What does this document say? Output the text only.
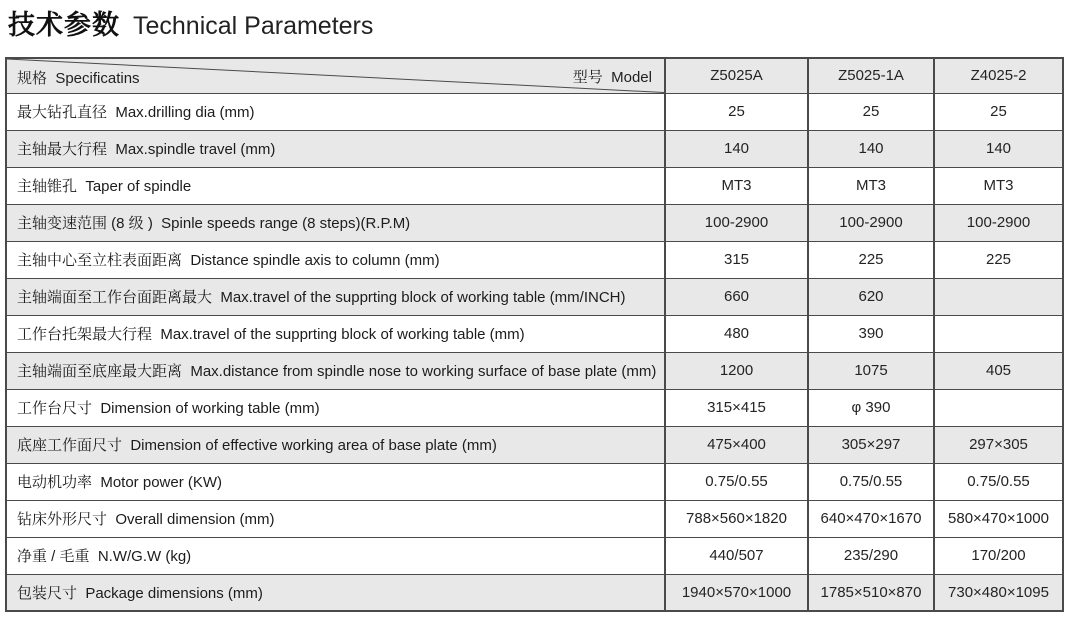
技术参数 Technical Parameters
规格  Specificatins 型号  Model	Z5025A	Z5025-1A	Z4025-2
最大钻孔直径  Max.drilling dia (mm)	25	25	25
主轴最大行程  Max.spindle travel (mm)	140	140	140
主轴锥孔  Taper of spindle	MT3	MT3	MT3
主轴变速范围 (8 级 )  Spinle speeds range (8 steps)(R.P.M)	100-2900	100-2900	100-2900
主轴中心至立柱表面距离  Distance spindle axis to column (mm)	315	225	225
主轴端面至工作台面距离最大  Max.travel of the supprting block of working table (mm/INCH)	660	620	
工作台托架最大行程  Max.travel of the supprting block of working table (mm)	480	390	
主轴端面至底座最大距离  Max.distance from spindle nose to working surface of base plate (mm)	1200	1075	405
工作台尺寸  Dimension of working table (mm)	315×415	φ 390	
底座工作面尺寸  Dimension of effective working area of base plate (mm)	475×400	305×297	297×305
电动机功率  Motor power (KW)	0.75/0.55	0.75/0.55	0.75/0.55
钻床外形尺寸  Overall dimension (mm)	788×560×1820	640×470×1670	580×470×1000
净重 / 毛重  N.W/G.W (kg)	440/507	235/290	170/200
包装尺寸  Package dimensions (mm)	1940×570×1000	1785×510×870	730×480×1095
